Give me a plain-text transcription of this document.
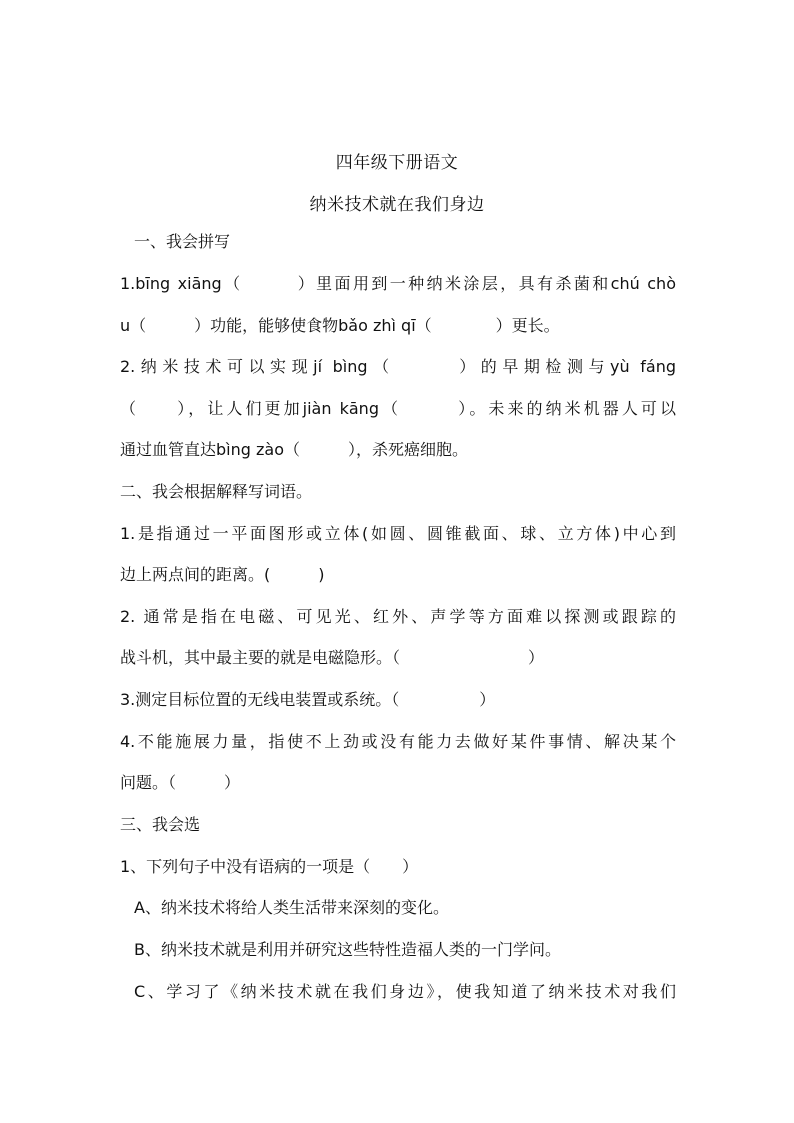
四年级下册语文
纳米技术就在我们身边
一、我会拼写
1.bīng xiāng（　　　）里面用到一种纳米涂层，具有杀菌和chú chò
u（　　　）功能，能够使食物bǎo zhì qī（　　　　）更长。
2.纳米技术可以实现jí bìng（　　　）的早期检测与yù fáng
（　　），让人们更加jiàn kāng（　　　）。未来的纳米机器人可以
通过血管直达bìng zào（　　　），杀死癌细胞。
二、我会根据解释写词语。
1.是指通过一平面图形或立体(如圆、圆锥截面、球、立方体)中心到
边上两点间的距离。(　　　)
2. 通常是指在电磁、可见光、红外、声学等方面难以探测或跟踪的
战斗机，其中最主要的就是电磁隐形。（　　　　　　　　）
3.测定目标位置的无线电装置或系统。（　　　　　）
4.不能施展力量，指使不上劲或没有能力去做好某件事情、解决某个
问题。（　　　）
三、我会选
1、下列句子中没有语病的一项是（　　）
A、纳米技术将给人类生活带来深刻的变化。
B、纳米技术就是利用并研究这些特性造福人类的一门学问。
C、学习了《纳米技术就在我们身边》，使我知道了纳米技术对我们
